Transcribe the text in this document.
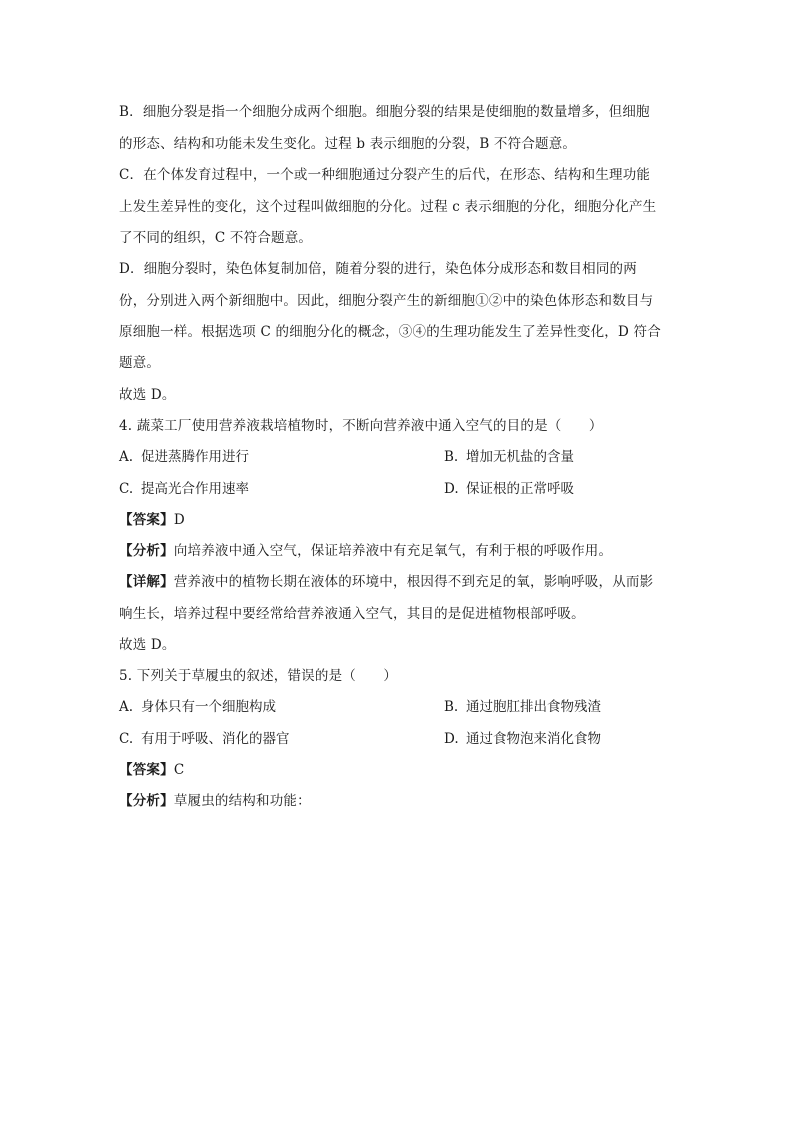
B．细胞分裂是指一个细胞分成两个细胞。细胞分裂的结果是使细胞的数量增多，但细胞
的形态、结构和功能未发生变化。过程 b 表示细胞的分裂，B 不符合题意。
C．在个体发育过程中，一个或一种细胞通过分裂产生的后代，在形态、结构和生理功能
上发生差异性的变化，这个过程叫做细胞的分化。过程 c 表示细胞的分化，细胞分化产生
了不同的组织，C 不符合题意。
D．细胞分裂时，染色体复制加倍，随着分裂的进行，染色体分成形态和数目相同的两
份，分别进入两个新细胞中。因此，细胞分裂产生的新细胞①②中的染色体形态和数目与
原细胞一样。根据选项 C 的细胞分化的概念，③④的生理功能发生了差异性变化，D 符合
题意。
故选 D。
4. 蔬菜工厂使用营养液栽培植物时，不断向营养液中通入空气的目的是（　　）
A. 促进蒸腾作用进行	B. 增加无机盐的含量
C. 提高光合作用速率	D. 保证根的正常呼吸
【答案】D
【分析】向培养液中通入空气，保证培养液中有充足氧气，有利于根的呼吸作用。
【详解】营养液中的植物长期在液体的环境中，根因得不到充足的氧，影响呼吸，从而影
响生长，培养过程中要经常给营养液通入空气，其目的是促进植物根部呼吸。
故选 D。
5. 下列关于草履虫的叙述，错误的是（　　）
A. 身体只有一个细胞构成	B. 通过胞肛排出食物残渣
C. 有用于呼吸、消化的器官	D. 通过食物泡来消化食物
【答案】C
【分析】草履虫的结构和功能：
